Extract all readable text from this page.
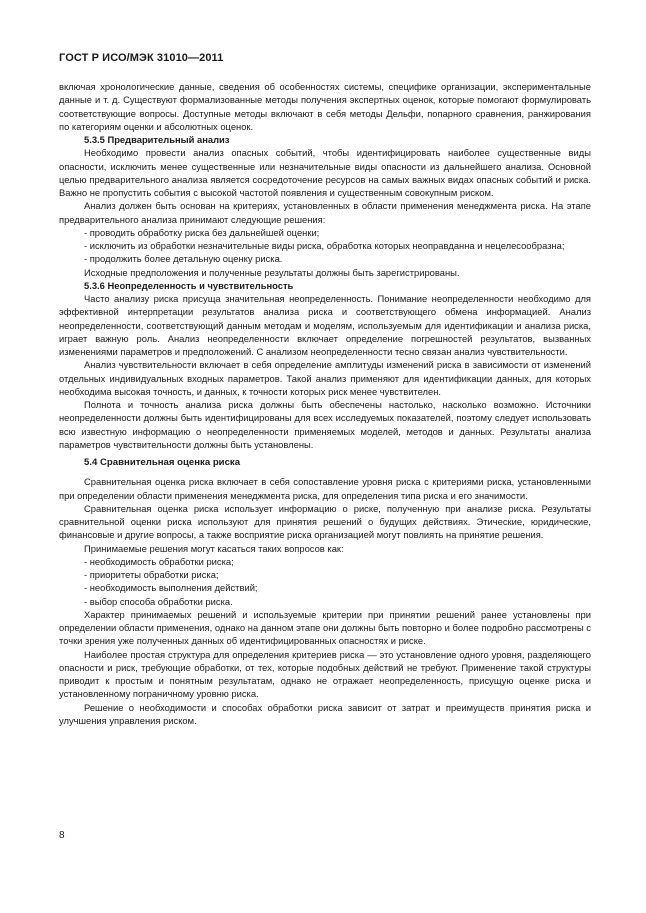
ГОСТ Р ИСО/МЭК 31010—2011

включая хронологические данные, сведения об особенностях системы, специфике организации, экспериментальные данные и т. д. Существуют формализованные методы получения экспертных оценок, которые помогают формулировать соответствующие вопросы. Доступные методы включают в себя методы Дельфи, попарного сравнения, ранжирования по категориям оценки и абсолютных оценок.

5.3.5 Предварительный анализ

Необходимо провести анализ опасных событий, чтобы идентифицировать наиболее существенные виды опасности, исключить менее существенные или незначительные виды опасности из дальнейшего анализа. Основной целью предварительного анализа является сосредоточение ресурсов на самых важных видах опасных событий и риска. Важно не пропустить события с высокой частотой появления и существенным совокупным риском.

Анализ должен быть основан на критериях, установленных в области применения менеджмента риска. На этапе предварительного анализа принимают следующие решения:

- проводить обработку риска без дальнейшей оценки;
- исключить из обработки незначительные виды риска, обработка которых неоправданна и нецелесообразна;
- продолжить более детальную оценку риска.

Исходные предположения и полученные результаты должны быть зарегистрированы.

5.3.6 Неопределенность и чувствительность

Часто анализу риска присуща значительная неопределенность. Понимание неопределенности необходимо для эффективной интерпретации результатов анализа риска и соответствующего обмена информацией. Анализ неопределенности, соответствующий данным методам и моделям, используемым для идентификации и анализа риска, играет важную роль. Анализ неопределенности включает определение погрешностей результатов, вызванных изменениями параметров и предположений. С анализом неопределенности тесно связан анализ чувствительности.

Анализ чувствительности включает в себя определение амплитуды изменений риска в зависимости от изменений отдельных индивидуальных входных параметров. Такой анализ применяют для идентификации данных, для которых необходима высокая точность, и данных, к точности которых риск менее чувствителен.

Полнота и точность анализа риска должны быть обеспечены настолько, насколько возможно. Источники неопределенности должны быть идентифицированы для всех исследуемых показателей, поэтому следует использовать всю известную информацию о неопределенности применяемых моделей, методов и данных. Результаты анализа параметров чувствительности должны быть установлены.

5.4 Сравнительная оценка риска

Сравнительная оценка риска включает в себя сопоставление уровня риска с критериями риска, установленными при определении области применения менеджмента риска, для определения типа риска и его значимости.

Сравнительная оценка риска использует информацию о риске, полученную при анализе риска. Результаты сравнительной оценки риска используют для принятия решений о будущих действиях. Этические, юридические, финансовые и другие вопросы, а также восприятие риска организацией могут повлиять на принятие решения.

Принимаемые решения могут касаться таких вопросов как:

- необходимость обработки риска;
- приоритеты обработки риска;
- необходимость выполнения действий;
- выбор способа обработки риска.

Характер принимаемых решений и используемые критерии при принятии решений ранее установлены при определении области применения, однако на данном этапе они должны быть повторно и более подробно рассмотрены с точки зрения уже полученных данных об идентифицированных опасностях и риске.

Наиболее простая структура для определения критериев риска — это установление одного уровня, разделяющего опасности и риск, требующие обработки, от тех, которые подобных действий не требуют. Применение такой структуры приводит к простым и понятным результатам, однако не отражает неопределенность, присущую оценке риска и установленному пограничному уровню риска.

Решение о необходимости и способах обработки риска зависит от затрат и преимуществ принятия риска и улучшения управления риском.

8
